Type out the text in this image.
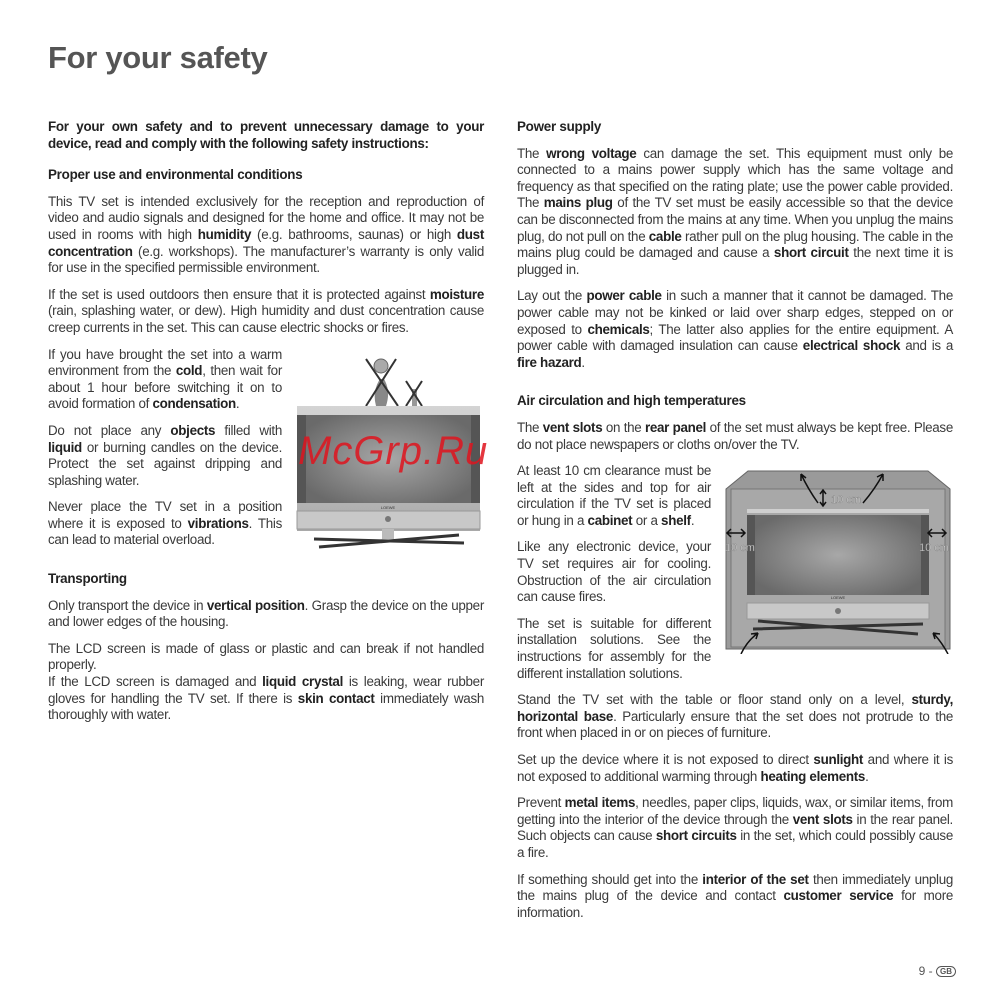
For your safety

For your own safety and to prevent unnecessary damage to your device, read and comply with the following safety instructions:

Proper use and environmental conditions

This TV set is intended exclusively for the reception and reproduction of video and audio signals and designed for the home and office. It may not be used in rooms with high humidity (e.g. bathrooms, saunas) or high dust concentration (e.g. workshops). The manufacturer’s warranty is only valid for use in the specified permissible environment.

If the set is used outdoors then ensure that it is protected against moisture (rain, splashing water, or dew). High humidity and dust concentration cause creep currents in the set. This can cause electric shocks or fires.

LOEWE
McGrp.Ru

If you have brought the set into a warm environment from the cold, then wait for about 1 hour before switching it on to avoid formation of condensation.

Do not place any objects filled with liquid or burning candles on the device. Protect the set against dripping and splashing water.

Never place the TV set in a position where it is exposed to vibrations. This can lead to material overload.

Transporting

Only transport the device in vertical position. Grasp the device on the upper and lower edges of the housing.

The LCD screen is made of glass or plastic and can break if not handled properly.

If the LCD screen is damaged and liquid crystal is leaking, wear rubber gloves for handling the TV set. If there is skin contact immediately wash thoroughly with water.

Power supply

The wrong voltage can damage the set. This equipment must only be connected to a mains power supply which has the same voltage and frequency as that specified on the rating plate; use the power cable provided. The mains plug of the TV set must be easily accessible so that the device can be disconnected from the mains at any time. When you unplug the mains plug, do not pull on the cable rather pull on the plug housing. The cable in the mains plug could be damaged and cause a short circuit the next time it is plugged in.

Lay out the power cable in such a manner that it cannot be damaged. The power cable may not be kinked or laid over sharp edges, stepped on or exposed to chemicals; The latter also applies for the entire equipment. A power cable with damaged insulation can cause electrical shock and is a fire hazard.

Air circulation and high temperatures

The vent slots on the rear panel of the set must always be kept free. Please do not place newspapers or cloths on/over the TV.

LOEWE
10 cm
10 cm	10 cm

At least 10 cm clearance must be left at the sides and top for air circulation if the TV set is placed or hung in a cabinet or a shelf.

Like any electronic device, your TV set requires air for cooling. Obstruction of the air circulation can cause fires.

The set is suitable for different installation solutions. See the instructions for assembly for the different installation solutions.

Stand the TV set with the table or floor stand only on a level, sturdy, horizontal base. Particularly ensure that the set does not protrude to the front when placed in or on pieces of furniture.

Set up the device where it is not exposed to direct sunlight and where it is not exposed to additional warming through heating elements.

Prevent metal items, needles, paper clips, liquids, wax, or similar items, from getting into the interior of the device through the vent slots in the rear panel. Such objects can cause short circuits in the set, which could possibly cause a fire.

If something should get into the interior of the set then immediately unplug the mains plug of the device and contact customer service for more information.

9 - GB
